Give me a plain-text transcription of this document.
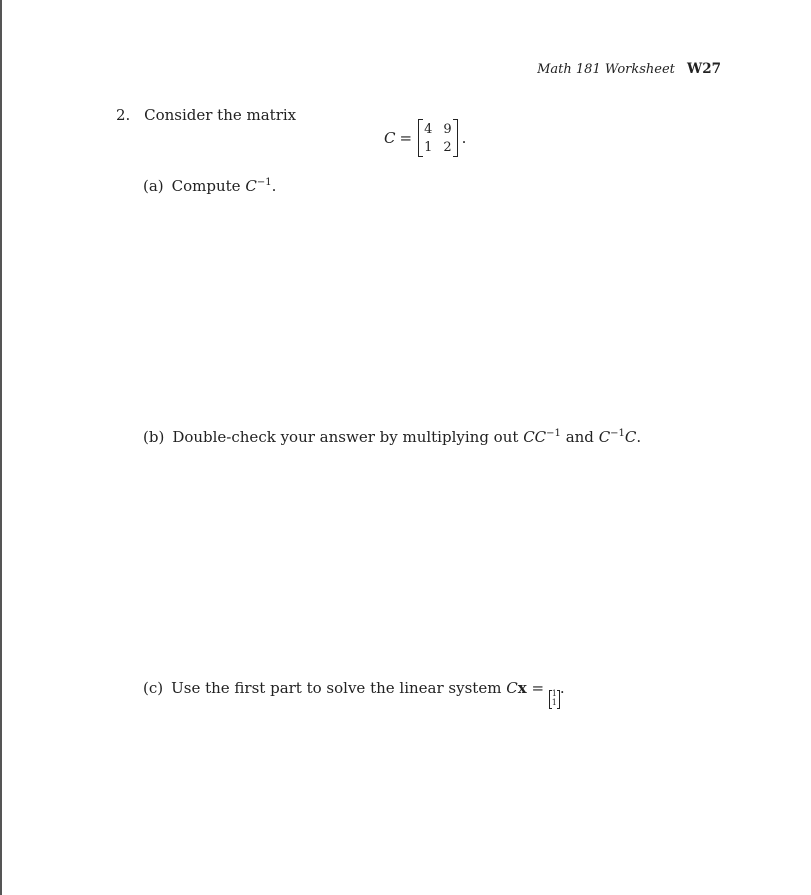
Math 181 Worksheet W27
2. Consider the matrix
C = 4 9
1 2 .
(a) Compute $C^{-1}$.
(b) Double-check your answer by multiplying out $CC^{-1}$ and $C^{-1}C$.
(c) Use the first part to solve the linear system Cx = 1
1
.
